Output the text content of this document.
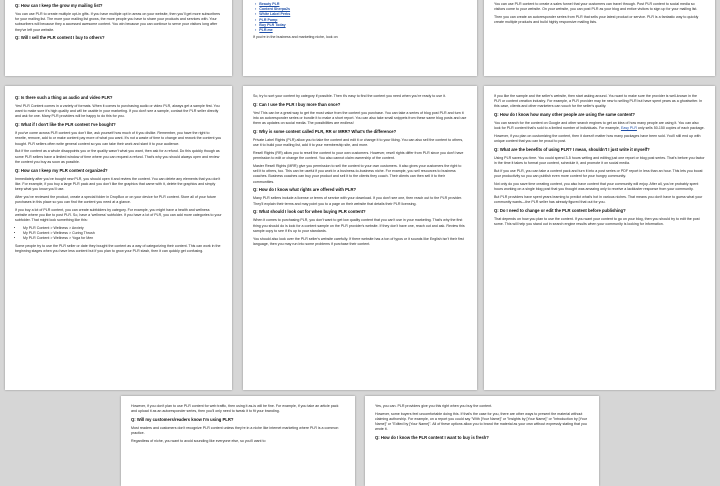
Q: How can I keep the grow my mailing list?

You can use PLR to create multiple opt-in gifts. If you have multiple opt in areas on your website, then you'll get more subscribers for your mailing list. The more your mailing list grows, the more people you have to share your products and services with. Your subscribers will because they a accessed awesome content. You win because you can continue to serve your visitors long after they've left your website.

Q: Will I sell the PLR content I buy to others?

▪ Beauty PLR
▪ Content Sherpa2s
▪ White Label Perks
▪ PLR Pump
▪ Buy PLR Today
▪ PLR.me

If you're in the business and marketing niche, look on

You can use PLR content to create a sales funnel that your customers can travel through. Post PLR content to social media so visitors come to your website. On your website, you can post PLR as your blog and entice visitors to sign up for your mailing list.

Then you can create an autoresponder series from PLR that sells your latest product or service. PLR is a fantastic way to quickly create multiple products and build highly responsive mailing lists.

Q: Is there such a thing as audio and video PLR?

Yes! PLR Content comes in a variety of formats. When it comes to purchasing audio or video PLR, always get a sample first. You want to make sure it's high quality and will be usable in your marketing. If you don't see a sample, contact the PLR seller directly and ask for one. Many PLR providers will be happy to do this for you.

Q: What if I don't like the PLR content I've bought?

If you've come across PLR content you don't like, ask yourself how much of it you dislike. Remember, you have the right to rewrite, remove, add to or make content pay more of what you want. It's not a waste of time to change and rework the content you bought. PLR sellers often write general content so you can take their work and slant it to your audience.

But if the content as a whole disappoints you or the quality wasn't what you want, then ask for a refund. Do this quickly though as some PLR sellers have a limited window of time where you can request a refund. That's why you should always open and review the content you buy as soon as possible.

Q: How can I keep my PLR content organized?

Immediately after you've bought new PLR, you should open it and review the content. You can delete any elements that you don't like. For example, if you buy a large PLR pack and you don't like the graphics that came with it, delete the graphics and simply keep what you know you'll use.

After you've reviewed the product, create a special folder in DropBox or on your device for PLR content. Store all of your future purchases in this place so you can find the content you need at a glance.

If you buy a lot of PLR content, you can create subfolders by category. For example, you might have a health and wellness website where you like to post PLR. So, have a 'wellness' subfolder. If you have a lot of PLR, you can add more categories to your subfolder. That might look something like this:

• My PLR Content > Wellness > Anxiety
• My PLR Content > Wellness > Curing Thrush
• My PLR Content > Wellness > Yoga for Men

Some people try to use the PLR seller or date they bought the content as a way of categorizing their content. This can work in the beginning stages when you have less content but if you plan to grow your PLR stash, then it can quickly get confusing.

So, try to sort your content by category if possible. Then it's easy to find the content you need when you're ready to use it.

Q: Can I use the PLR I buy more than once?

Yes! This can be a great way to get the most value from the content you purchase. You can take a series of blog post PLR and turn it into an autoresponder series or bundle it to make a short report. You can also take small snippets from these same blog posts and use them as updates on social media. The possibilities are endless!

Q: Why is some content called PLR, RR or MRR? What's the difference?

Private Label Rights (PLR) allow you to take the content and edit it or change it to your liking. You can also sell the content to others, use it to build your mailing list, add it to your membership site, and more.

Resell Rights (RR) allow you to resell the content to your own customers. However, resell rights differ from PLR since you don't have permission to edit or change the content. You also cannot claim ownership of the content.

Master Resell Rights (MRR) give you permission to sell the content to your own customers. It also gives your customers the right to sell it to others, too. This can be useful if you work in a business-to-business niche. For example, you sell resources to business coaches. Business coaches can buy your product and sell it to the clients they coach. Their clients can then sell it to their communities.

Q: How do I know what rights are offered with PLR?

Many PLR sellers include a license or terms of service with your download. If you don't see one, then reach out to the PLR provider. They'll explain their terms and may point you to a page on their website that details their PLR licensing.

Q: What should I look out for when buying PLR content?

When it comes to purchasing PLR, you don't want to get low quality content that you can't use in your marketing. That's why the first thing you should do is look for a content sample on the PLR provider's website. If they don't have one, reach out and ask. Review this sample copy to see if it's up to your standards.

You should also look over the PLR seller's website carefully. If there website has a ton of typos or it sounds like English isn't their first language, then you may run into some problems if purchase their content.

If you like the sample and the seller's website, then start asking around. You want to make sure the provider is well-known in the PLR or content creation industry. For example, a PLR provider may be new to selling PLR but have spent years as a ghostwriter. In this case, clients and other marketers can vouch for the seller's quality.

Q: How do I know how many other people are using the same content?

You can search for the content on Google and other search engines to get an idea of how many people are using it. You can also look for PLR content that's sold to a limited number of individuals. For example, Easy PLR only sells 50-150 copies of each package.

However, if you plan on customizing the content, then it doesn't matter how many packages have been sold. You'll still end up with unique content that you can be proud to post.

Q: What are the benefits of using PLR? I mean, shouldn't I just write it myself?

Using PLR saves you time. You could spend 3-5 hours writing and editing just one report or blog post series. That's before you factor in the time it takes to format your content, schedule it, and promote it on social media.

But if you use PLR, you can take a content pack and turn it into a post series or PDF report in less than an hour. This lets you boost your productivity so you can publish even more content for your hungry community.

Not only do you save time creating content, you also have content that your community will enjoy. After all, you've probably spent hours working on a single blog post that you thought was amazing only to receive a lackluster response from your community.

But PLR providers have spent years learning to predict what's hot in various niches. That means you don't have to guess what your community wants—the PLR seller has already figured that out for you.

Q: Do I need to change or edit the PLR content before publishing?

That depends on how you plan to use the content. If you want your content to go on your blog, then you should try to edit the post some. This will help you stand out in search engine results when your community is looking for information.

However, if you don't plan to use PLR content for web traffic, then using it as-is will be fine. For example, if you take an article pack and upload it as an autoresponder series, then you'll only need to tweak it to fit your branding.

Q: Will my customers/readers know I'm using PLR?

Most readers and customers don't recognize PLR content unless they're in a niche like internet marketing where PLR is a common practice.

Regardless of niche, you want to avoid sounding like everyone else, so you'll want to

Yes, you can. PLR providers give you this right when you buy the content.

However, some buyers feel uncomfortable doing this. If that's the case for you, there are other ways to present the material without claiming authorship. For example, on a report you could say "With [Your Name]" or "Insights by [Your Name]" or "Introduction by [Your Name]" or "Edited by [Your Name]". All of these options allow you to brand the material as your own without expressly stating that you wrote it.

Q: How do I know the PLR content I want to buy is fresh?
